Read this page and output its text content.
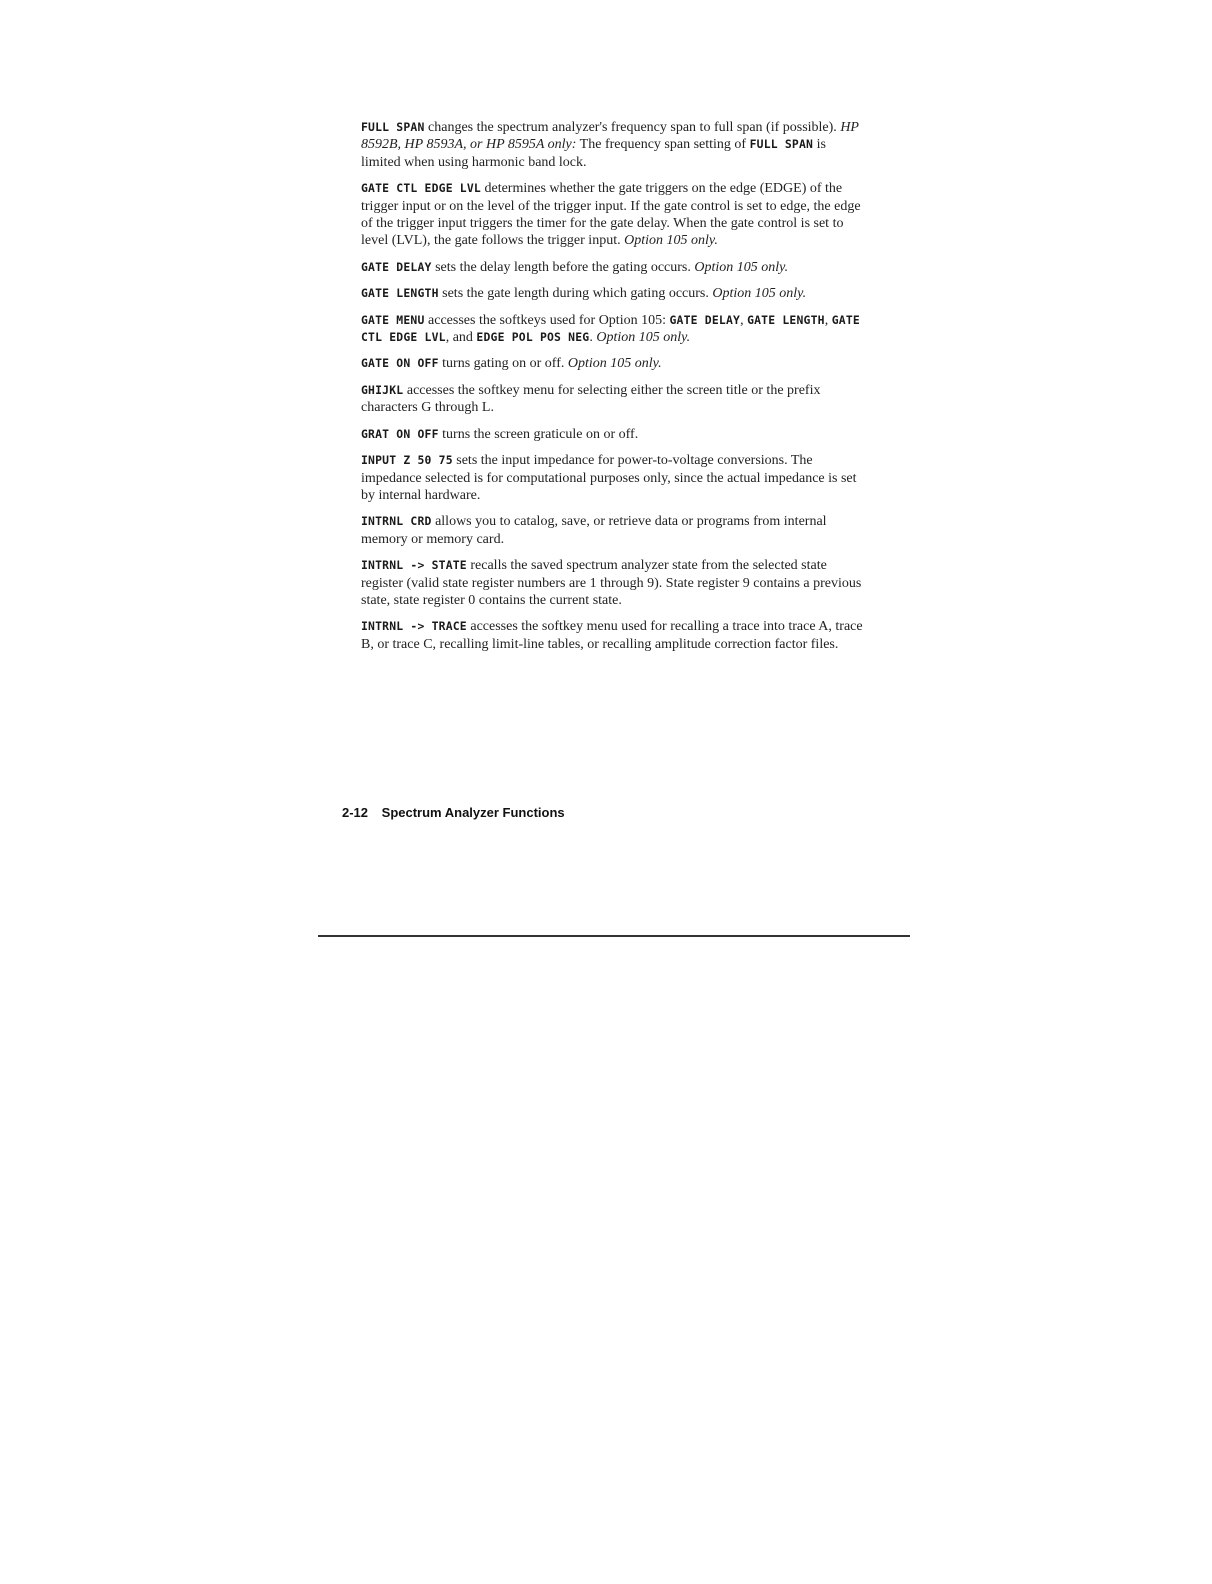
FULL SPAN changes the spectrum analyzer's frequency span to full span (if possible). HP 8592B, HP 8593A, or HP 8595A only: The frequency span setting of FULL SPAN is limited when using harmonic band lock.

GATE CTL EDGE LVL determines whether the gate triggers on the edge (EDGE) of the trigger input or on the level of the trigger input. If the gate control is set to edge, the edge of the trigger input triggers the timer for the gate delay. When the gate control is set to level (LVL), the gate follows the trigger input. Option 105 only.

GATE DELAY sets the delay length before the gating occurs. Option 105 only.

GATE LENGTH sets the gate length during which gating occurs. Option 105 only.

GATE MENU accesses the softkeys used for Option 105: GATE DELAY, GATE LENGTH, GATE CTL EDGE LVL, and EDGE POL POS NEG. Option 105 only.

GATE ON OFF turns gating on or off. Option 105 only.

GHIJKL accesses the softkey menu for selecting either the screen title or the prefix characters G through L.

GRAT ON OFF turns the screen graticule on or off.

INPUT Z 50 75 sets the input impedance for power-to-voltage conversions. The impedance selected is for computational purposes only, since the actual impedance is set by internal hardware.

INTRNL CRD allows you to catalog, save, or retrieve data or programs from internal memory or memory card.

INTRNL -> STATE recalls the saved spectrum analyzer state from the selected state register (valid state register numbers are 1 through 9). State register 9 contains a previous state, state register 0 contains the current state.

INTRNL -> TRACE accesses the softkey menu used for recalling a trace into trace A, trace B, or trace C, recalling limit-line tables, or recalling amplitude correction factor files.

2-12 Spectrum Analyzer Functions
